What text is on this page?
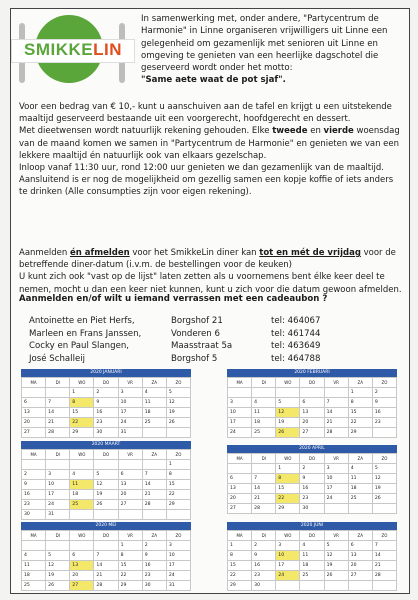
SMIKKELIN
In samenwerking met, onder andere, "Partycentrum de Harmonie" in Linne organiseren vrijwilligers uit Linne een gelegenheid om gezamenlijk met senioren uit Linne en omgeving te genieten van een heerlijke dagschotel die geserveerd wordt onder het motto:
"Same aete waat de pot sjaf".

Voor een bedrag van € 10,- kunt u aanschuiven aan de tafel en krijgt u een uitstekende maaltijd geserveerd bestaande uit een voorgerecht, hoofdgerecht en dessert.

Met dieetwensen wordt natuurlijk rekening gehouden. Elke tweede en vierde woensdag van de maand komen we samen in "Partycentrum de Harmonie" en genieten we van een lekkere maaltijd én natuurlijk ook van elkaars gezelschap.

Inloop vanaf 11:30 uur, rond 12:00 uur genieten we dan gezamenlijk van de maaltijd.

Aansluitend is er nog de mogelijkheid om gezellig samen een kopje koffie of iets anders te drinken (Alle consumpties zijn voor eigen rekening).

Aanmelden én afmelden voor het SmikkeLin diner kan tot en mét de vrijdag voor de betreffende diner-datum (i.v.m. de bestellingen voor de keuken)

U kunt zich ook "vast op de lijst" laten zetten als u voornemens bent élke keer deel te nemen, mocht u dan een keer niet kunnen, kunt u zich voor die datum gewoon afmelden.

Aanmelden en/of wilt u iemand verrassen met een cadeaubon ?
Antoinette en Piet Herfs,	Borgshof 21	tel: 464067
Marleen en Frans Janssen,	Vonderen 6	tel: 461744
Cocky en Paul Slangen,	Maasstraat 5a	tel: 463649
José Schalleij	Borgshof 5	tel: 464788
2020 JANUARI
MA	DI	WO	DO	VR	ZA	ZO
		1	2	3	4	5
6	7	8	9	10	11	12
13	14	15	16	17	18	19
20	21	22	23	24	25	26
27	28	29	30	31		
2020 FEBRUARI
MA	DI	WO	DO	VR	ZA	ZO
					1	2
3	4	5	6	7	8	9
10	11	12	13	14	15	16
17	18	19	20	21	22	23
24	25	26	27	28	29	
2020 MAART
MA	DI	WO	DO	VR	ZA	ZO
						1
2	3	4	5	6	7	8
9	10	11	12	13	14	15
16	17	18	19	20	21	22
23	24	25	26	27	28	29
30	31					
2020 APRIL
MA	DI	WO	DO	VR	ZA	ZO
		1	2	3	4	5
6	7	8	9	10	11	12
13	14	15	16	17	18	19
20	21	22	23	24	25	26
27	28	29	30			
2020 MEI
MA	DI	WO	DO	VR	ZA	ZO
				1	2	3
4	5	6	7	8	9	10
11	12	13	14	15	16	17
18	19	20	21	22	23	24
25	26	27	28	29	30	31
2020 JUNI
MA	DI	WO	DO	VR	ZA	ZO
1	2	3	4	5	6	7
8	9	10	11	12	13	14
15	16	17	18	19	20	21
22	23	24	25	26	27	28
29	30					
